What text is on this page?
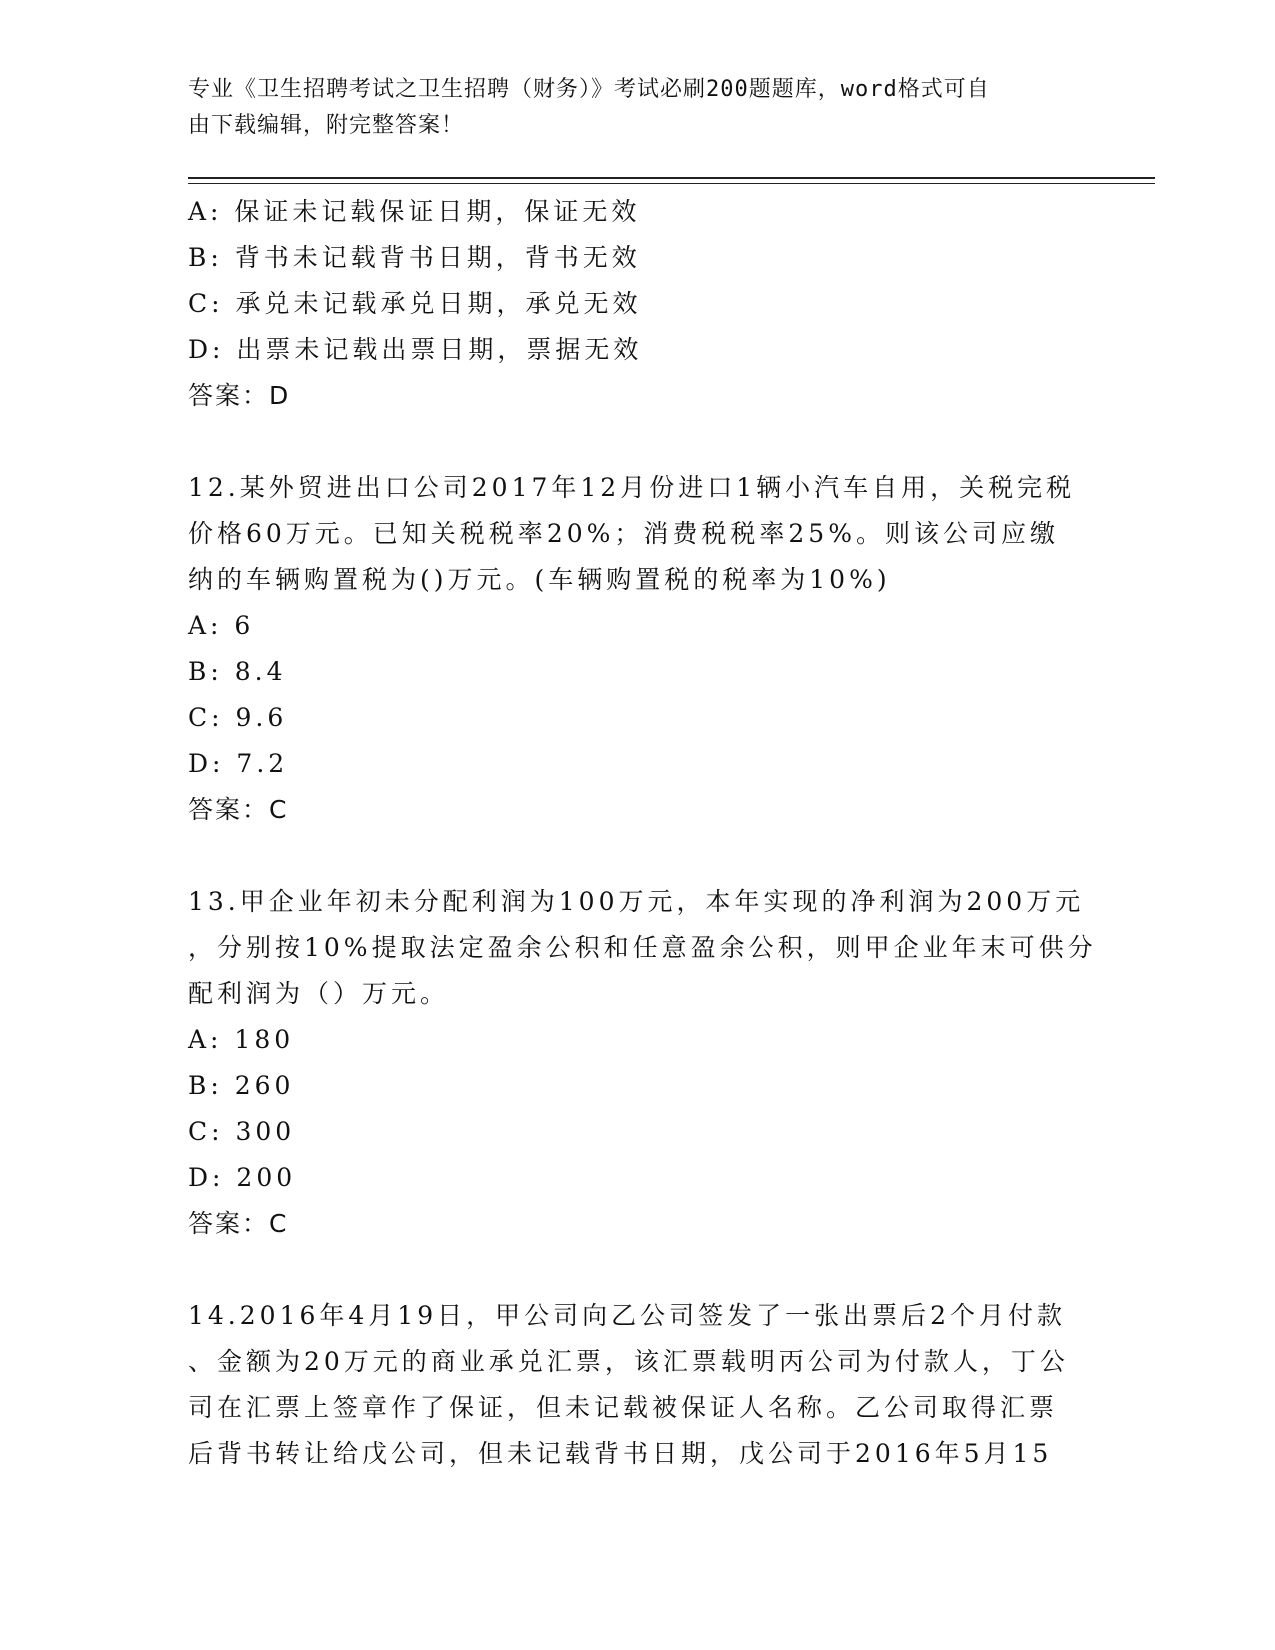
专业《卫生招聘考试之卫生招聘（财务）》考试必刷200题题库，word格式可自
由下载编辑，附完整答案！
A: 保证未记载保证日期，保证无效
B: 背书未记载背书日期，背书无效
C: 承兑未记载承兑日期，承兑无效
D: 出票未记载出票日期，票据无效
答案：D
12.某外贸进出口公司2017年12月份进口1辆小汽车自用，关税完税
价格60万元。已知关税税率20%；消费税税率25%。则该公司应缴
纳的车辆购置税为()万元。(车辆购置税的税率为10%)
A: 6
B: 8.4
C: 9.6
D: 7.2
答案：C
13.甲企业年初未分配利润为100万元，本年实现的净利润为200万元
，分别按10%提取法定盈余公积和任意盈余公积，则甲企业年末可供分
配利润为（）万元。
A: 180
B: 260
C: 300
D: 200
答案：C
14.2016年4月19日，甲公司向乙公司签发了一张出票后2个月付款
、金额为20万元的商业承兑汇票，该汇票载明丙公司为付款人，丁公
司在汇票上签章作了保证，但未记载被保证人名称。乙公司取得汇票
后背书转让给戊公司，但未记载背书日期，戊公司于2016年5月15
